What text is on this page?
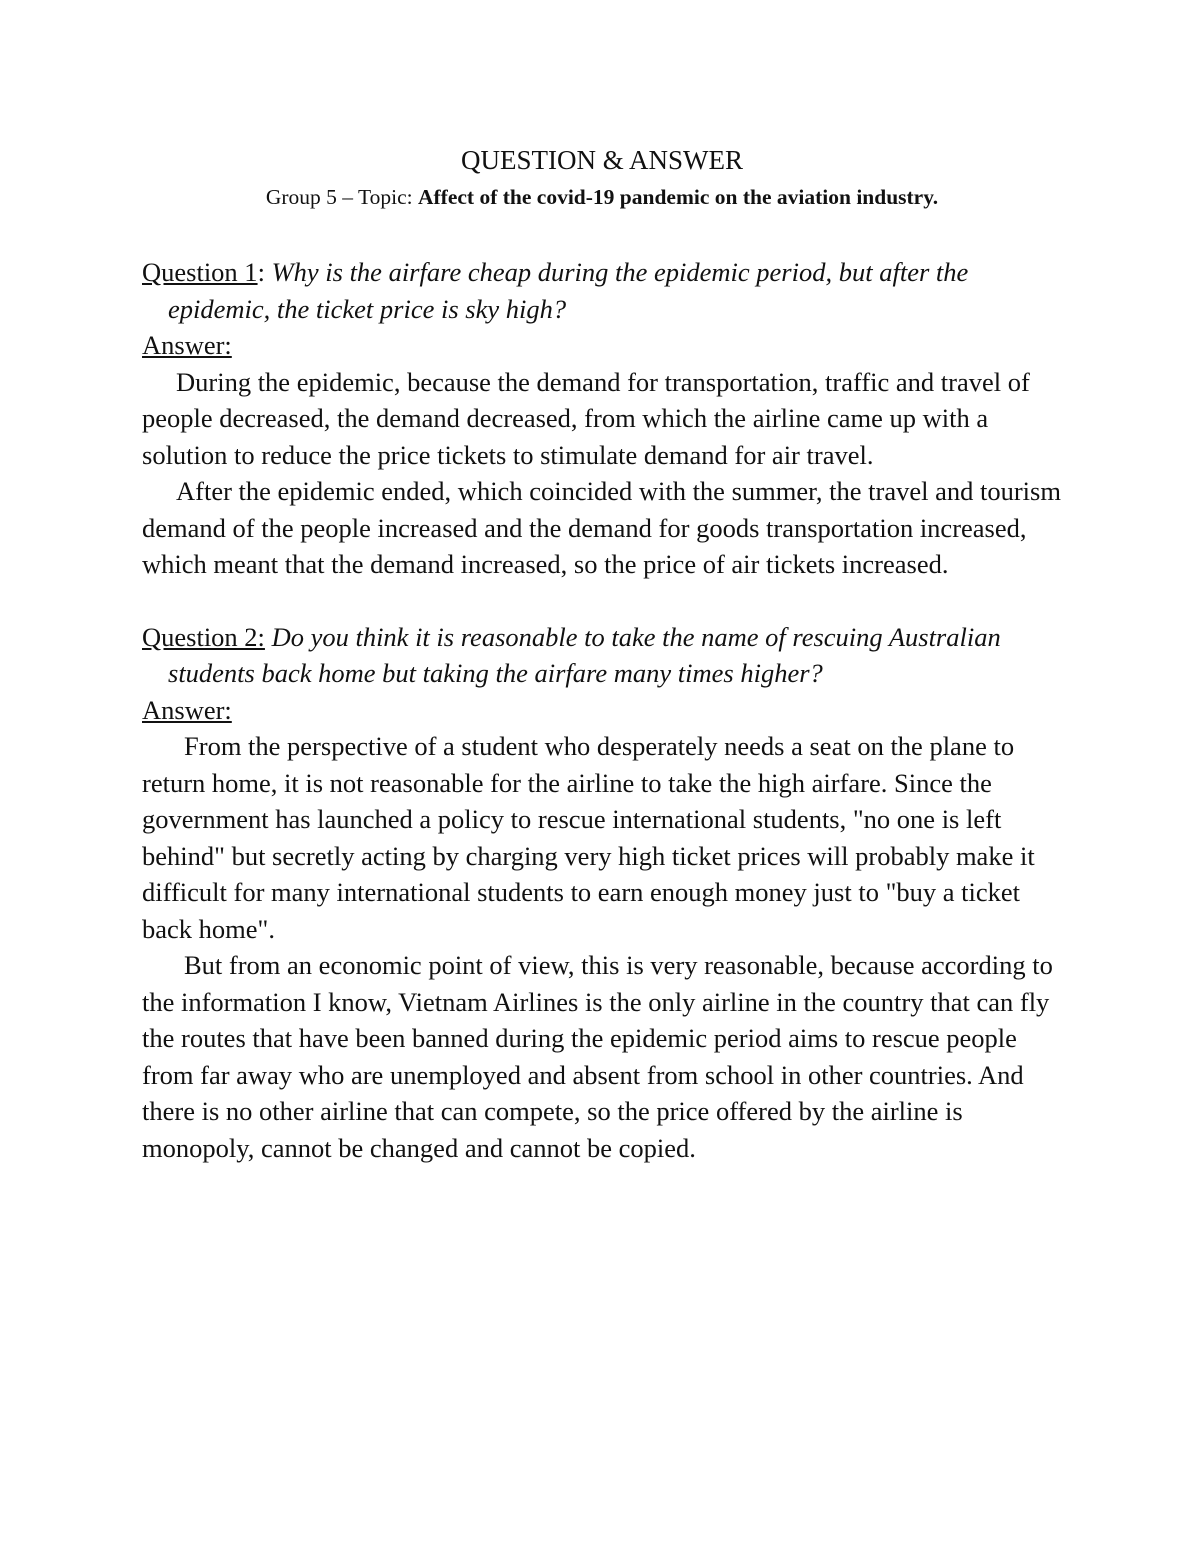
QUESTION & ANSWER

Group 5 – Topic: Affect of the covid-19 pandemic on the aviation industry.

Question 1: Why is the airfare cheap during the epidemic period, but after the epidemic, the ticket price is sky high?

Answer:

During the epidemic, because the demand for transportation, traffic and travel of people decreased, the demand decreased, from which the airline came up with a solution to reduce the price tickets to stimulate demand for air travel.

After the epidemic ended, which coincided with the summer, the travel and tourism demand of the people increased and the demand for goods transportation increased, which meant that the demand increased, so the price of air tickets increased.

Question 2: Do you think it is reasonable to take the name of rescuing Australian students back home but taking the airfare many times higher?

Answer:

From the perspective of a student who desperately needs a seat on the plane to return home, it is not reasonable for the airline to take the high airfare. Since the government has launched a policy to rescue international students, "no one is left behind" but secretly acting by charging very high ticket prices will probably make it difficult for many international students to earn enough money just to "buy a ticket back home".

But from an economic point of view, this is very reasonable, because according to the information I know, Vietnam Airlines is the only airline in the country that can fly the routes that have been banned during the epidemic period aims to rescue people from far away who are unemployed and absent from school in other countries. And there is no other airline that can compete, so the price offered by the airline is monopoly, cannot be changed and cannot be copied.
